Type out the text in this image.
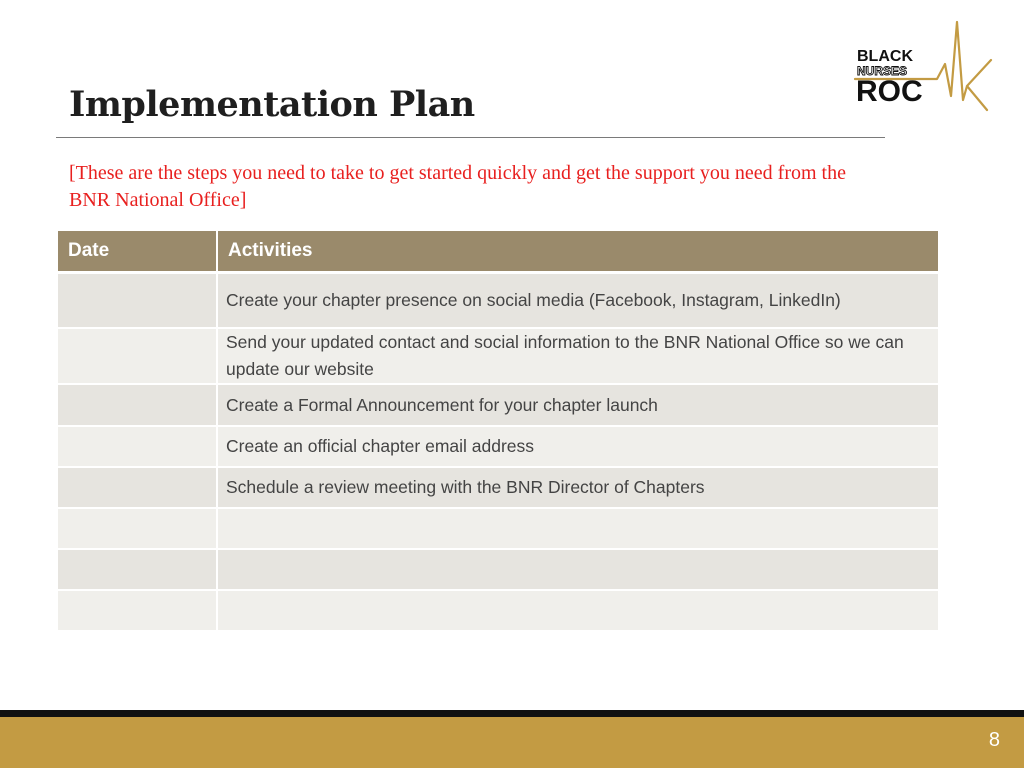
Implementation Plan
[These are the steps you need to take to get started quickly and get the support you need from the BNR National Office]
BLACK
NURSES
ROC
Date	Activities
	Create your chapter presence on social media (Facebook, Instagram, LinkedIn)
	Send your updated contact and social information to the BNR National Office so we can update our website
	Create a Formal Announcement for your chapter launch
	Create an official chapter email address
	Schedule a review meeting with the BNR Director of Chapters

8
